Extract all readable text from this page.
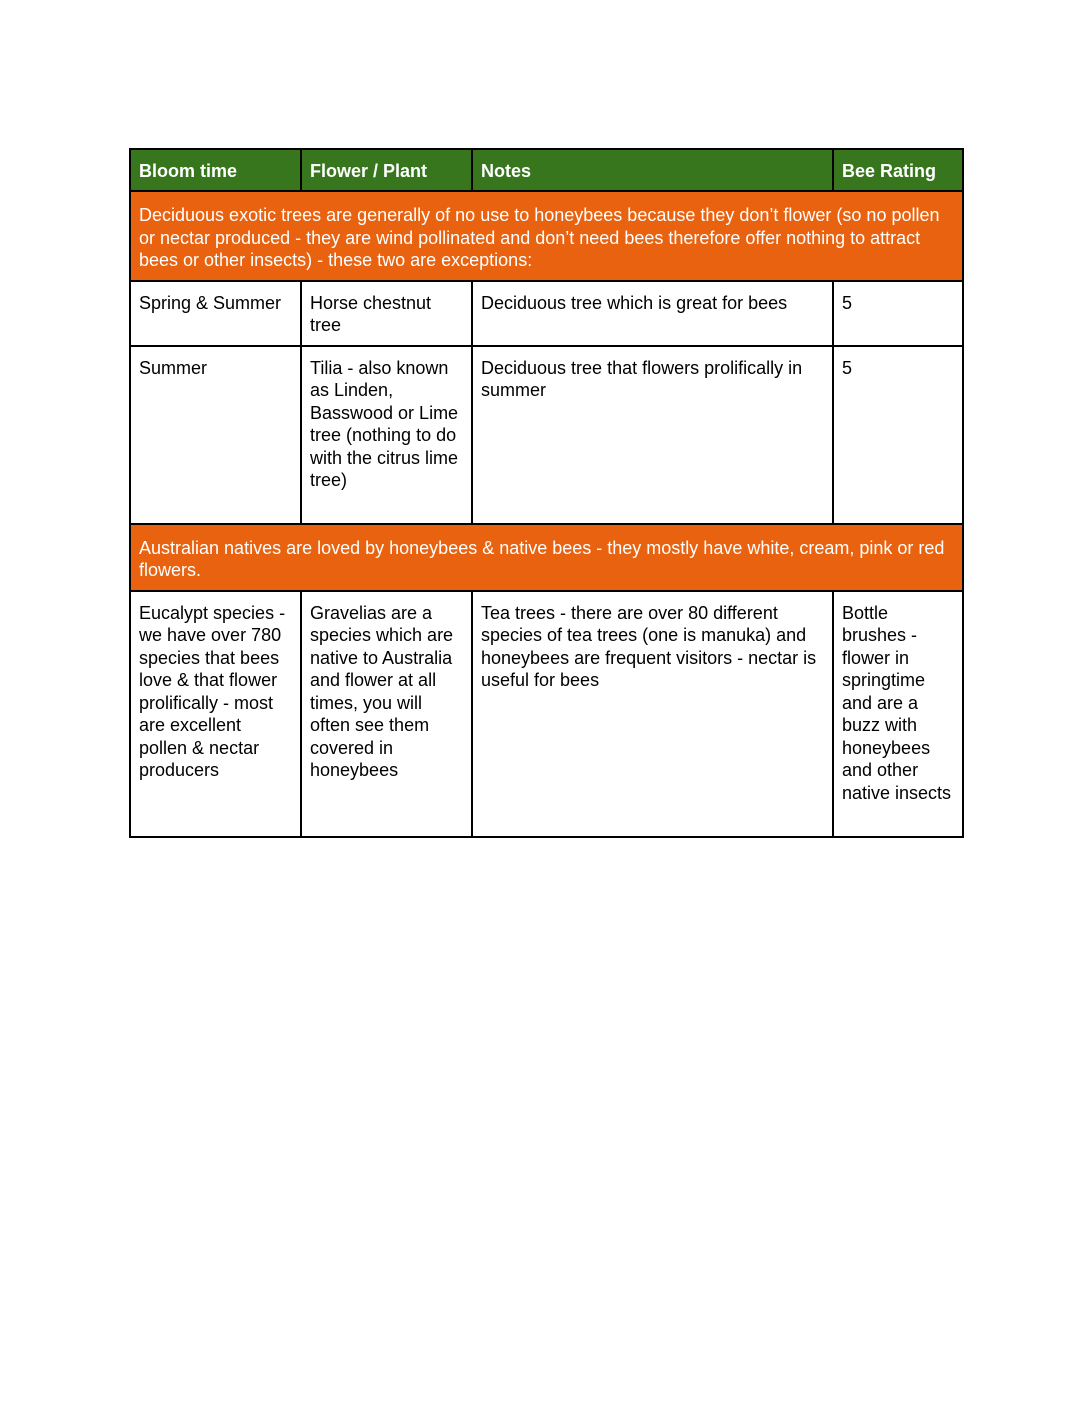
Bloom time	Flower / Plant	Notes	Bee Rating
Deciduous exotic trees are generally of no use to honeybees because they don’t flower (so no pollen or nectar produced - they are wind pollinated and don’t need bees therefore offer nothing to attract bees or other insects) - these two are exceptions:			
Spring & Summer	Horse chestnut tree	Deciduous tree which is great for bees	5
Summer	Tilia - also known as Linden, Basswood or Lime tree (nothing to do with the citrus lime tree)	Deciduous tree that flowers prolifically in summer	5
Australian natives are loved by honeybees & native bees - they mostly have white, cream, pink or red flowers.			
Eucalypt species - we have over 780 species that bees love & that flower prolifically - most are excellent pollen & nectar producers	Gravelias are a species which are native to Australia and flower at all times, you will often see them covered in honeybees	Tea trees - there are over 80 different species of tea trees (one is manuka) and honeybees are frequent visitors - nectar is useful for bees	Bottle brushes - flower in springtime and are a buzz with honeybees and other native insects
